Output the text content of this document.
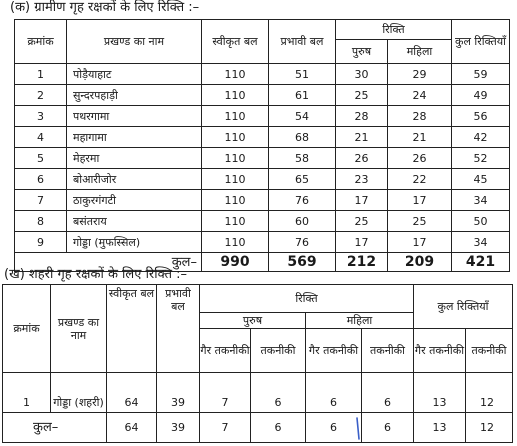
(क) ग्रामीण गृह रक्षकों के लिए रिक्ति :–
क्रमांक	प्रखण्ड का नाम	स्वीकृत बल	प्रभावी बल	रिक्ति		कुल रिक्तियाँ
				पुरुष	महिला	
1	पोड़ैयाहाट	110	51	30	29	59
2	सुन्दरपहाड़ी	110	61	25	24	49
3	पथरगामा	110	54	28	28	56
4	महागामा	110	68	21	21	42
5	मेहरमा	110	58	26	26	52
6	बोआरीजोर	110	65	23	22	45
7	ठाकुरगंगटी	110	76	17	17	34
8	बसंतराय	110	60	25	25	50
9	गोड्डा (मुफस्सिल)	110	76	17	17	34
कुल–		990	569	212	209	421
(ख) शहरी गृह रक्षकों के लिए रिक्ति :–
क्रमांक	प्रखण्ड का नाम	स्वीकृत बल	प्रभावी बल	रिक्ति				कुल रिक्तियाँ	
				पुरुष		महिला			
				गैर तकनीकी	तकनीकी	गैर तकनीकी	तकनीकी	गैर तकनीकी	तकनीकी
1	गोड्डा (शहरी)	64	39	7	6	6	6	13	12
कुल–		64	39	7	6	6	6	13	12
